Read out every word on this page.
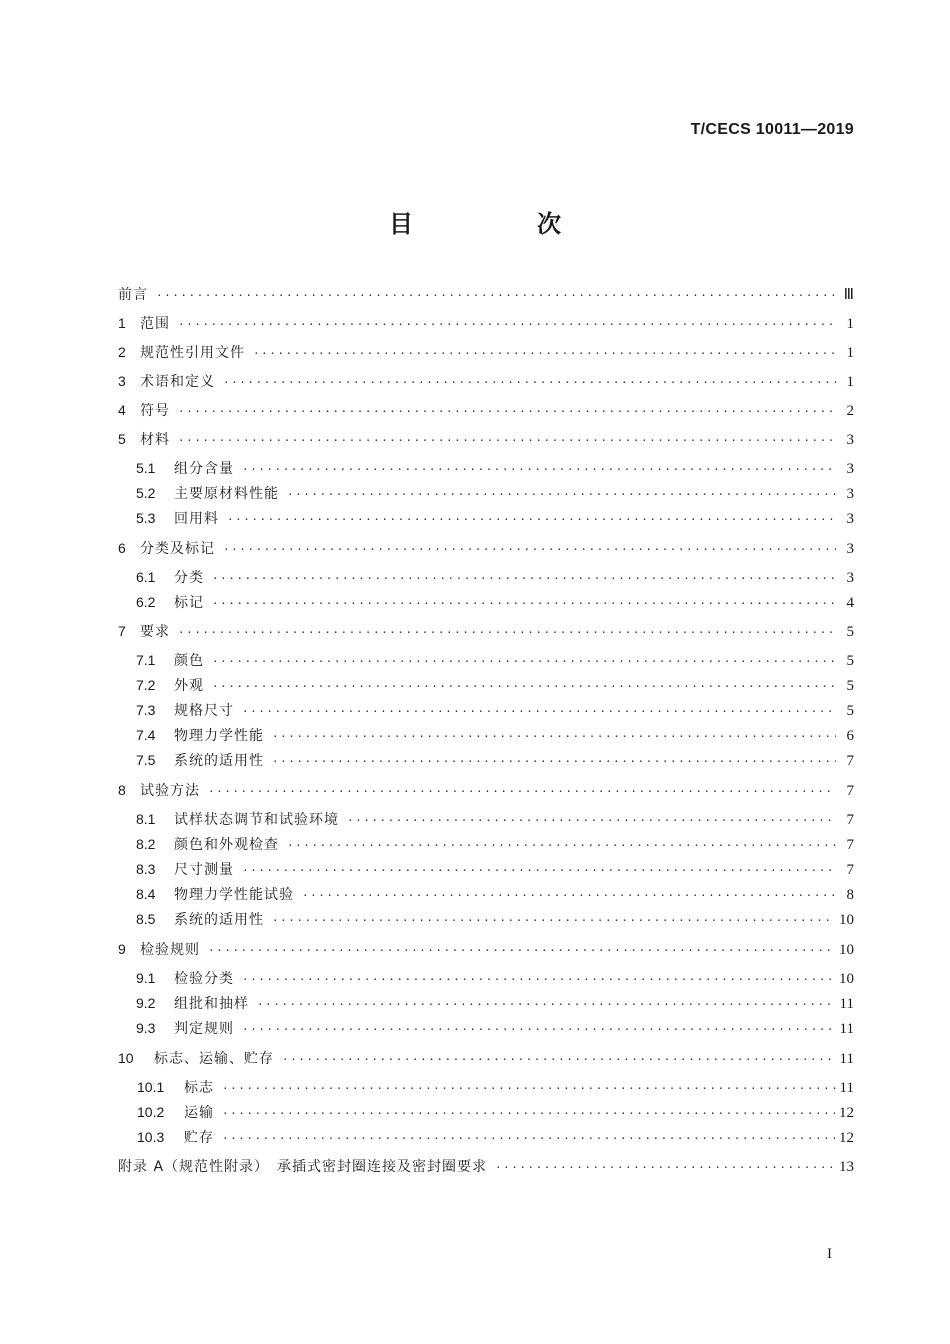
T/CECS 10011—2019
目　次
前言 ·····	Ⅲ
1	范围 ·····	1
2	规范性引用文件 ·····	1
3	术语和定义 ·····	1
4	符号 ·····	2
5	材料 ·····	3
5.1	组分含量 ·····	3
5.2	主要原材料性能 ·····	3
5.3	回用料 ·····	3
6	分类及标记 ·····	3
6.1	分类 ·····	3
6.2	标记 ·····	4
7	要求 ·····	5
7.1	颜色 ·····	5
7.2	外观 ·····	5
7.3	规格尺寸 ·····	5
7.4	物理力学性能 ·····	6
7.5	系统的适用性 ·····	7
8	试验方法 ·····	7
8.1	试样状态调节和试验环境 ·····	7
8.2	颜色和外观检查 ·····	7
8.3	尺寸测量 ·····	7
8.4	物理力学性能试验 ·····	8
8.5	系统的适用性 ·····	10
9	检验规则 ·····	10
9.1	检验分类 ·····	10
9.2	组批和抽样 ·····	11
9.3	判定规则 ·····	11
10	标志、运输、贮存 ·····	11
10.1	标志 ·····	11
10.2	运输 ·····	12
10.3	贮存 ·····	12
附录 A（规范性附录）　承插式密封圈连接及密封圈要求 ·····	13
I
